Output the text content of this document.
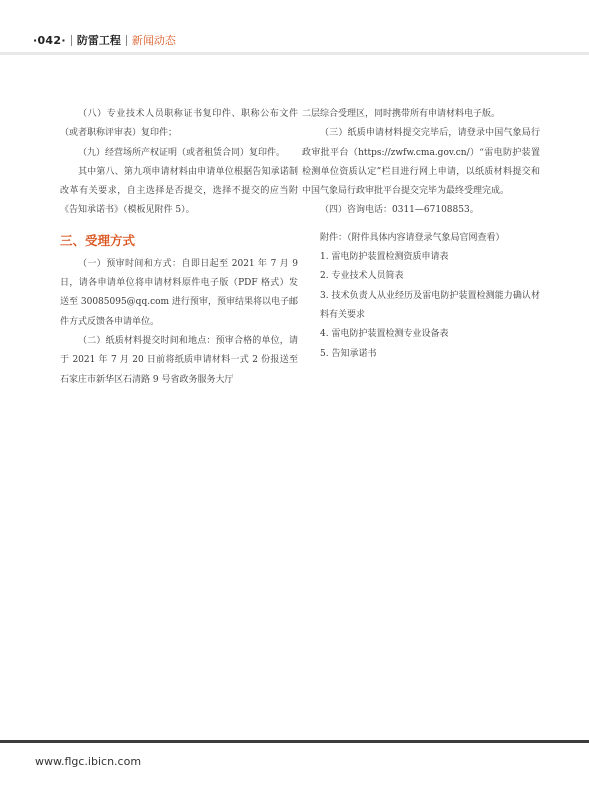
·042· 防雷工程 新闻动态

（八）专业技术人员职称证书复印件、职称公布文件（或者职称评审表）复印件；

（九）经营场所产权证明（或者租赁合同）复印件。

其中第八、第九项申请材料由申请单位根据告知承诺制改革有关要求，自主选择是否提交，选择不提交的应当附《告知承诺书》（模板见附件 5）。

三、受理方式

（一）预审时间和方式：自即日起至 2021 年 7 月 9 日，请各申请单位将申请材料原件电子版（PDF 格式）发送至 30085095@qq.com 进行预审，预审结果将以电子邮件方式反馈各申请单位。

（二）纸质材料提交时间和地点：预审合格的单位，请于 2021 年 7 月 20 日前将纸质申请材料一式 2 份报送至石家庄市新华区石清路 9 号省政务服务大厅

二层综合受理区，同时携带所有申请材料电子版。

（三）纸质申请材料提交完毕后，请登录中国气象局行政审批平台（https://zwfw.cma.gov.cn/）“雷电防护装置检测单位资质认定”栏目进行网上申请，以纸质材料提交和中国气象局行政审批平台提交完毕为最终受理完成。

（四）咨询电话：0311—67108853。

附件：（附件具体内容请登录气象局官网查看）

1. 雷电防护装置检测资质申请表

2. 专业技术人员简表

3. 技术负责人从业经历及雷电防护装置检测能力确认材料有关要求

4. 雷电防护装置检测专业设备表

5. 告知承诺书

www.flgc.ibicn.com
